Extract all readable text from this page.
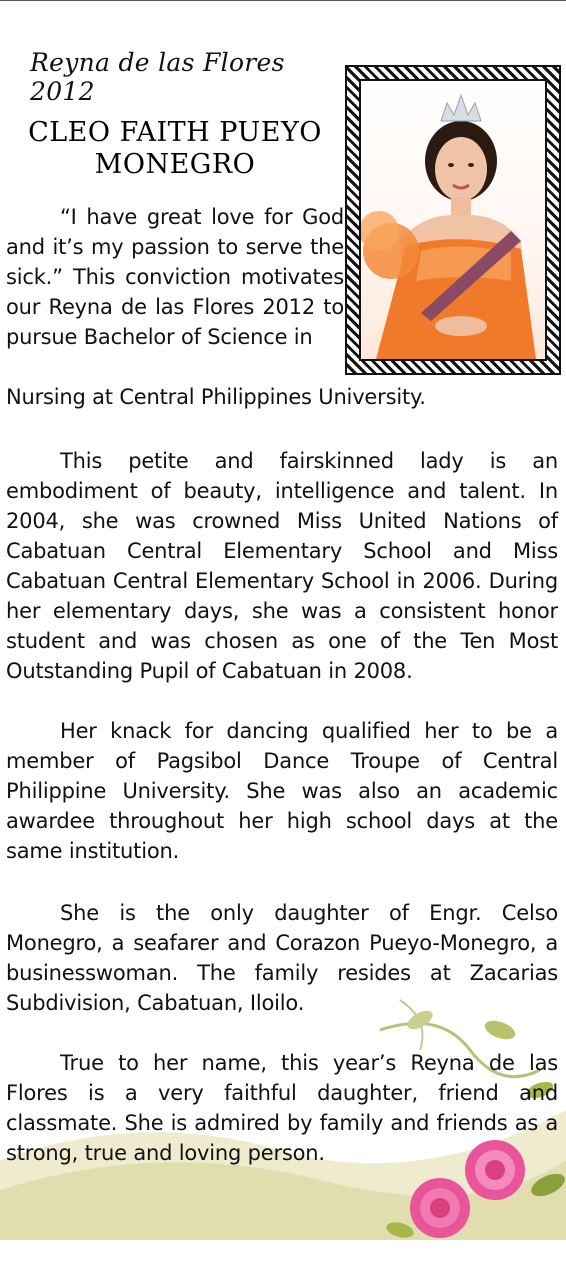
Reyna de las Flores 2012
CLEO FAITH PUEYO MONEGRO

“I have great love for God and it’s my passion to serve the sick.” This conviction motivates our Reyna de las Flores 2012 to pursue Bachelor of Science in

Nursing at Central Philippines University.

This petite and fairskinned lady is an embodiment of beauty, intelligence and talent. In 2004, she was crowned Miss United Nations of Cabatuan Central Elementary School and Miss Cabatuan Central Elementary School in 2006. During her elementary days, she was a consistent honor student and was chosen as one of the Ten Most Outstanding Pupil of Cabatuan in 2008.

Her knack for dancing qualified her to be a member of Pagsibol Dance Troupe of Central Philippine University. She was also an academic awardee throughout her high school days at the same institution.

She is the only daughter of Engr. Celso Monegro, a seafarer and Corazon Pueyo-Monegro, a businesswoman. The family resides at Zacarias Subdivision, Cabatuan, Iloilo.

True to her name, this year’s Reyna de las Flores is a very faithful daughter, friend and classmate. She is admired by family and friends as a strong, true and loving person.
